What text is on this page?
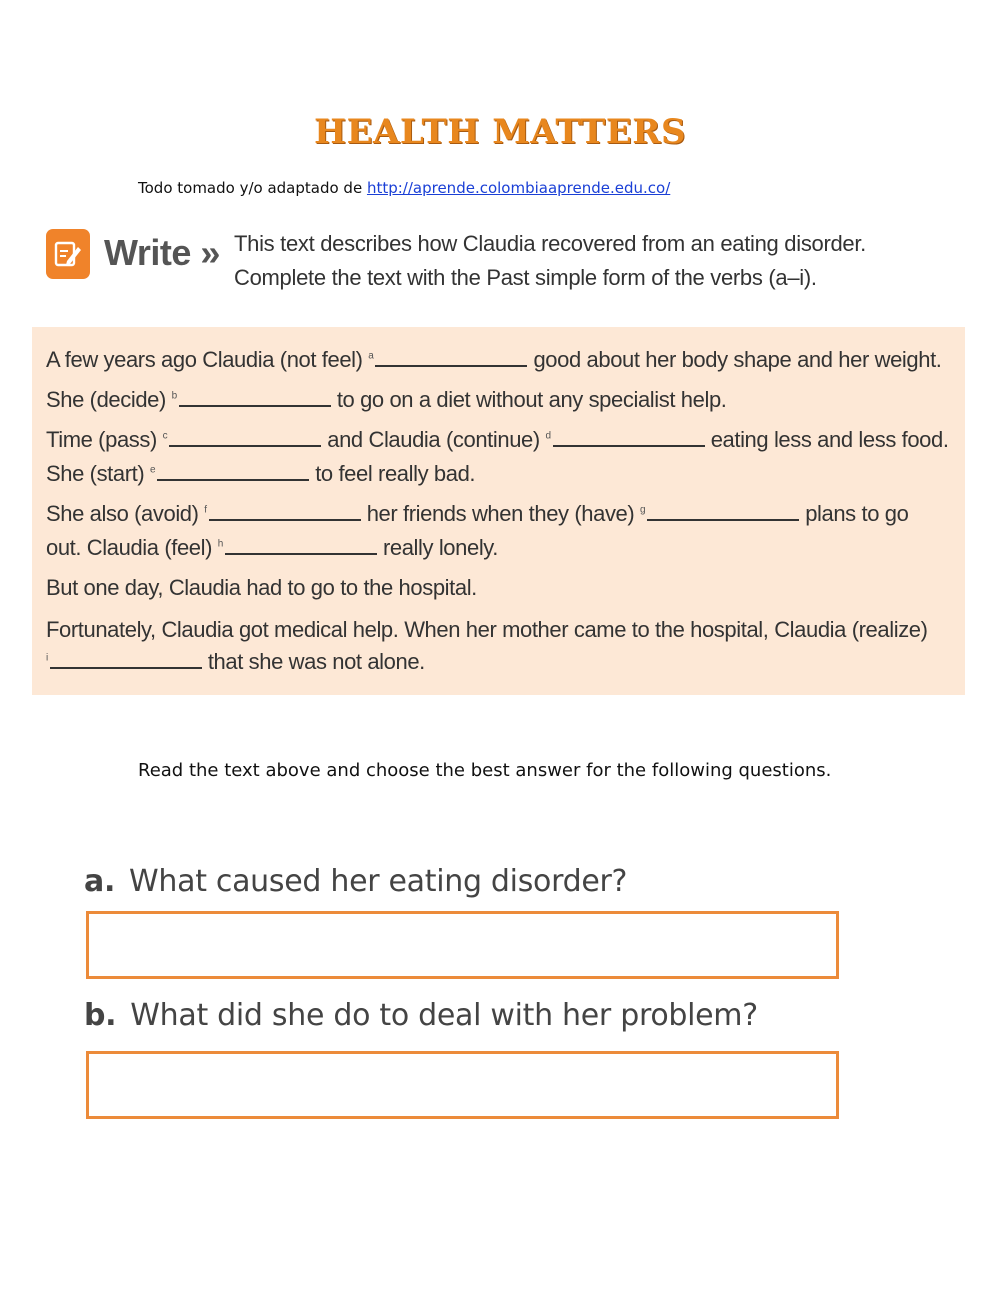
HEALTH MATTERS
Todo tomado y/o adaptado de http://aprende.colombiaaprende.edu.co/
Write » This text describes how Claudia recovered from an eating disorder.
Complete the text with the Past simple form of the verbs (a–i).
A few years ago Claudia (not feel) $^a$	good about her body shape and her weight.
She (decide) $^b$	to go on a diet without any specialist help.
Time (pass) $^c$	and Claudia (continue) $^d$	eating less and less food.
She (start) $^e$	to feel really bad.
She also (avoid) $^f$	her friends when they (have) $^g$	plans to go
out. Claudia (feel) $^h$	really lonely.
But one day, Claudia had to go to the hospital.
Fortunately, Claudia got medical help. When her mother came to the hospital, Claudia (realize)
$^i$	that she was not alone.
Read the text above and choose the best answer for the following questions.
a. What caused her eating disorder?
b. What did she do to deal with her problem?
